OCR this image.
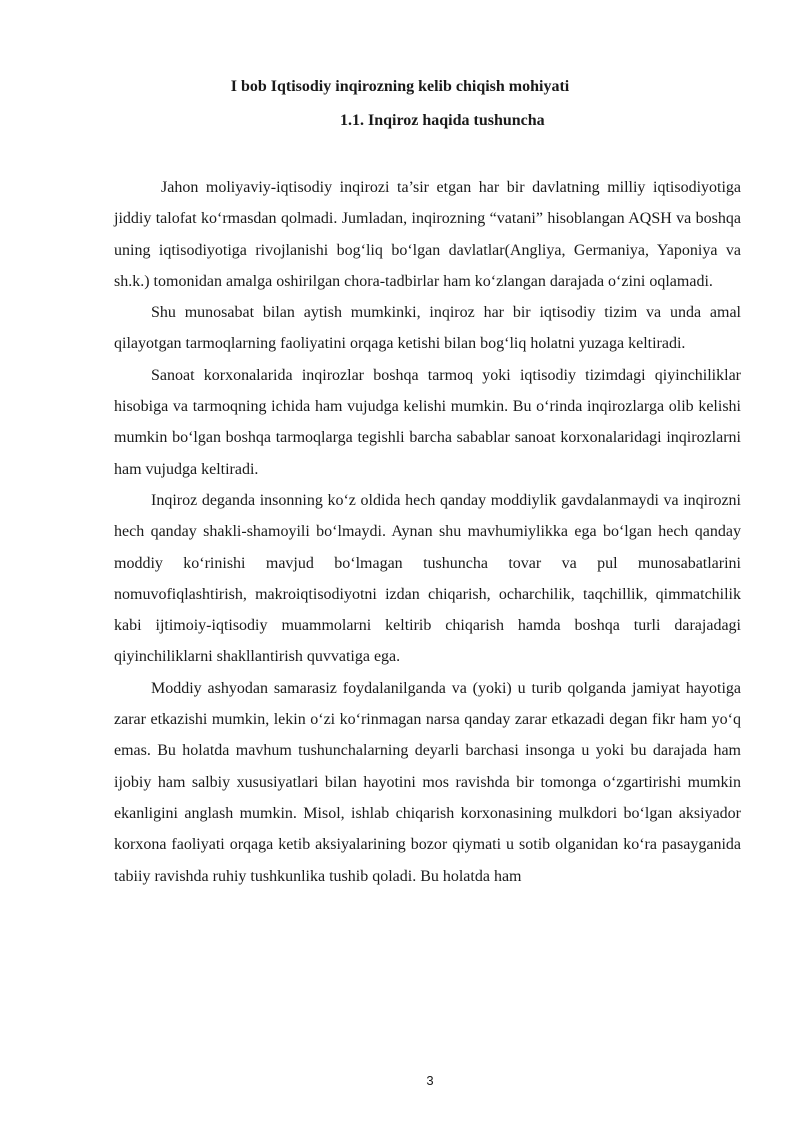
I bob Iqtisodiy inqirozning kelib chiqish mohiyati
1.1. Inqiroz haqida tushuncha

Jahon moliyaviy-iqtisodiy inqirozi ta’sir etgan har bir davlatning milliy iqtisodiyotiga jiddiy talofat ko‘rmasdan qolmadi. Jumladan, inqirozning “vatani” hisoblangan AQSH va boshqa uning iqtisodiyotiga rivojlanishi bog‘liq bo‘lgan davlatlar(Angliya, Germaniya, Yaponiya va sh.k.) tomonidan amalga oshirilgan chora-tadbirlar ham ko‘zlangan darajada o‘zini oqlamadi.

Shu munosabat bilan aytish mumkinki, inqiroz har bir iqtisodiy tizim va unda amal qilayotgan tarmoqlarning faoliyatini orqaga ketishi bilan bog‘liq holatni yuzaga keltiradi.

Sanoat korxonalarida inqirozlar boshqa tarmoq yoki iqtisodiy tizimdagi qiyinchiliklar hisobiga va tarmoqning ichida ham vujudga kelishi mumkin. Bu o‘rinda inqirozlarga olib kelishi mumkin bo‘lgan boshqa tarmoqlarga tegishli barcha sabablar sanoat korxonalaridagi inqirozlarni ham vujudga keltiradi.

Inqiroz deganda insonning ko‘z oldida hech qanday moddiylik gavdalanmaydi va inqirozni hech qanday shakli-shamoyili bo‘lmaydi. Aynan shu mavhumiylikka ega bo‘lgan hech qanday moddiy ko‘rinishi mavjud bo‘lmagan tushuncha tovar va pul munosabatlarini nomuvofiqlashtirish, makroiqtisodiyotni izdan chiqarish, ocharchilik, taqchillik, qimmatchilik kabi ijtimoiy-iqtisodiy muammolarni keltirib chiqarish hamda boshqa turli darajadagi qiyinchiliklarni shakllantirish quvvatiga ega.

Moddiy ashyodan samarasiz foydalanilganda va (yoki) u turib qolganda jamiyat hayotiga zarar etkazishi mumkin, lekin o‘zi ko‘rinmagan narsa qanday zarar etkazadi degan fikr ham yo‘q emas. Bu holatda mavhum tushunchalarning deyarli barchasi insonga u yoki bu darajada ham ijobiy ham salbiy xususiyatlari bilan hayotini mos ravishda bir tomonga o‘zgartirishi mumkin ekanligini anglash mumkin. Misol, ishlab chiqarish korxonasining mulkdori bo‘lgan aksiyador korxona faoliyati orqaga ketib aksiyalarining bozor qiymati u sotib olganidan ko‘ra pasayganida tabiiy ravishda ruhiy tushkunlika tushib qoladi. Bu holatda ham

3
